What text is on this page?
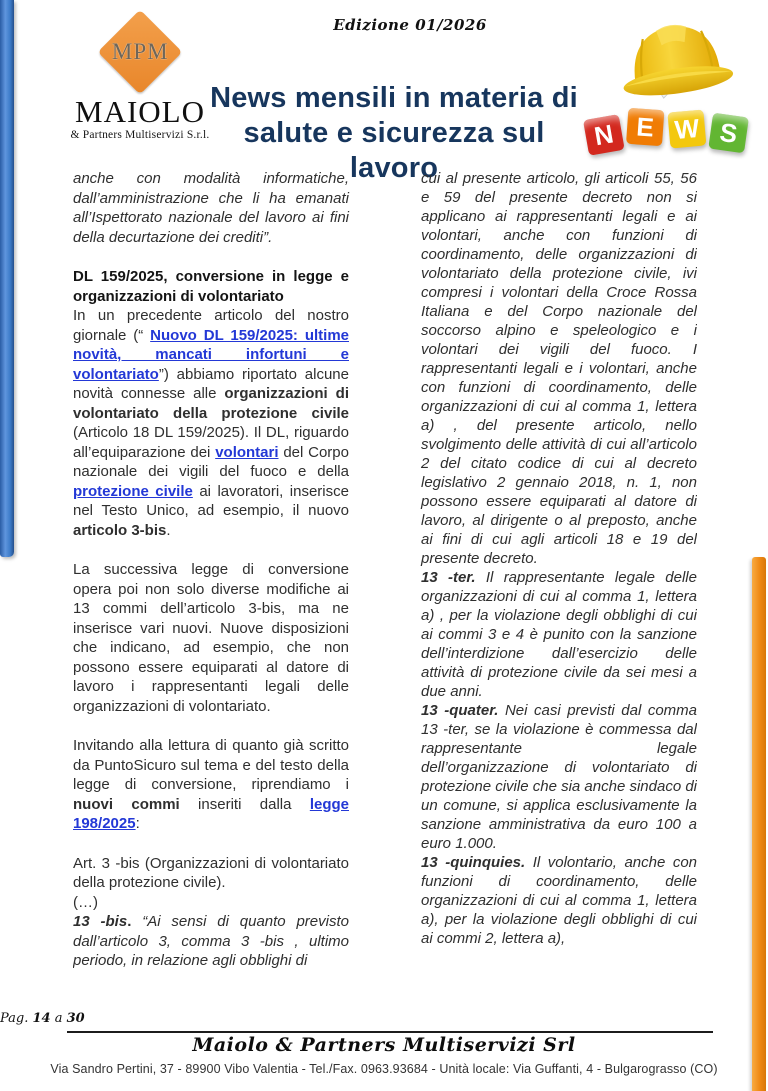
Edizione 01/2026
MPM
MAIOLO
& Partners Multiservizi S.r.l.
News mensili in materia di
salute e sicurezza sul lavoro
N E W S

anche con modalità informatiche, dall’amministrazione che li ha emanati all’Ispettorato nazionale del lavoro ai fini della decurtazione dei crediti”.

DL 159/2025, conversione in legge e organizzazioni di volontariato

In un precedente articolo del nostro giornale (“ Nuovo DL 159/2025: ultime novità, mancati infortuni e volontariato”) abbiamo riportato alcune novità connesse alle organizzazioni di volontariato della protezione civile (Articolo 18 DL 159/2025). Il DL, riguardo all’equiparazione dei volontari del Corpo nazionale dei vigili del fuoco e della protezione civile ai lavoratori, inserisce nel Testo Unico, ad esempio, il nuovo articolo 3-bis.

La successiva legge di conversione opera poi non solo diverse modifiche ai 13 commi dell’articolo 3-bis, ma ne inserisce vari nuovi. Nuove disposizioni che indicano, ad esempio, che non possono essere equiparati al datore di lavoro i rappresentanti legali delle organizzazioni di volontariato.

Invitando alla lettura di quanto già scritto da PuntoSicuro sul tema e del testo della legge di conversione, riprendiamo i nuovi commi inseriti dalla legge 198/2025:

Art. 3 -bis (Organizzazioni di volontariato della protezione civile).

(…)

13 -bis. “Ai sensi di quanto previsto dall’articolo 3, comma 3 -bis , ultimo periodo, in relazione agli obblighi di

cui al presente articolo, gli articoli 55, 56 e 59 del presente decreto non si applicano ai rappresentanti legali e ai volontari, anche con funzioni di coordinamento, delle organizzazioni di volontariato della protezione civile, ivi compresi i volontari della Croce Rossa Italiana e del Corpo nazionale del soccorso alpino e speleologico e i volontari dei vigili del fuoco. I rappresentanti legali e i volontari, anche con funzioni di coordinamento, delle organizzazioni di cui al comma 1, lettera a) , del presente articolo, nello svolgimento delle attività di cui all’articolo 2 del citato codice di cui al decreto legislativo 2 gennaio 2018, n. 1, non possono essere equiparati al datore di lavoro, al dirigente o al preposto, anche ai fini di cui agli articoli 18 e 19 del presente decreto.

13 -ter. Il rappresentante legale delle organizzazioni di cui al comma 1, lettera a) , per la violazione degli obblighi di cui ai commi 3 e 4 è punito con la sanzione dell’interdizione dall’esercizio delle attività di protezione civile da sei mesi a due anni.

13 -quater. Nei casi previsti dal comma 13 -ter, se la violazione è commessa dal rappresentante legale dell’organizzazione di volontariato di protezione civile che sia anche sindaco di un comune, si applica esclusivamente la sanzione amministrativa da euro 100 a euro 1.000.

13 -quinquies. Il volontario, anche con funzioni di coordinamento, delle organizzazioni di cui al comma 1, lettera a), per la violazione degli obblighi di cui ai commi 2, lettera a),

Pag. 14 a 30

Maiolo & Partners Multiservizi Srl
Via Sandro Pertini, 37 - 89900 Vibo Valentia - Tel./Fax. 0963.93684 - Unità locale: Via Guffanti, 4 - Bulgarograsso (CO)
